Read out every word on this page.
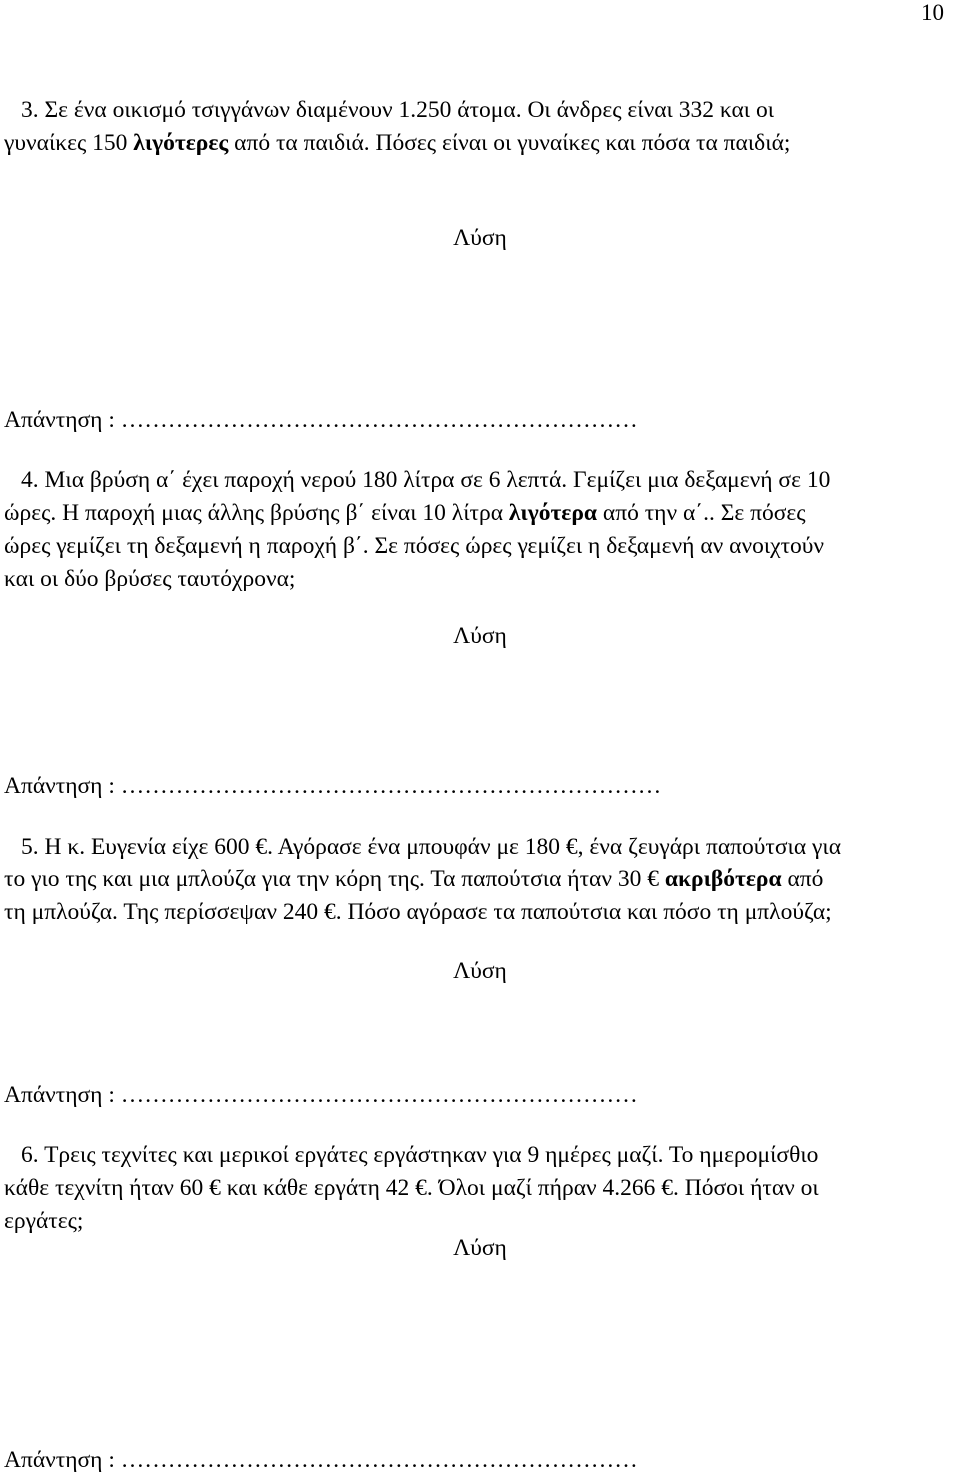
10
3. Σε ένα οικισμό τσιγγάνων διαμένουν 1.250 άτομα. Οι άνδρες είναι 332 και οι
γυναίκες 150 λιγότερες από τα παιδιά. Πόσες είναι οι γυναίκες και πόσα τα παιδιά;
Λύση
Απάντηση : …………………………………………………………
4. Μια βρύση α΄ έχει παροχή νερού 180 λίτρα σε 6 λεπτά. Γεμίζει μια δεξαμενή σε 10
ώρες. Η παροχή μιας άλλης βρύσης β΄ είναι 10 λίτρα λιγότερα από την α΄.. Σε πόσες
ώρες γεμίζει τη δεξαμενή η παροχή β΄. Σε πόσες ώρες γεμίζει η δεξαμενή αν ανοιχτούν
και οι δύο βρύσες ταυτόχρονα;
Λύση
Απάντηση : ……………………………………………………………
5. Η κ. Ευγενία είχε 600 €. Αγόρασε ένα μπουφάν με 180 €, ένα ζευγάρι παπούτσια για
το γιο της και μια μπλούζα για την κόρη της. Τα παπούτσια ήταν 30 € ακριβότερα από
τη μπλούζα. Της περίσσεψαν 240 €. Πόσο αγόρασε τα παπούτσια και πόσο τη μπλούζα;
Λύση
Απάντηση : …………………………………………………………
6. Τρεις τεχνίτες και μερικοί εργάτες εργάστηκαν για 9 ημέρες μαζί. Το ημερομίσθιο
κάθε τεχνίτη ήταν 60 € και κάθε εργάτη 42 €. Όλοι μαζί πήραν 4.266 €. Πόσοι ήταν οι
εργάτες;
Λύση
Απάντηση : …………………………………………………………
